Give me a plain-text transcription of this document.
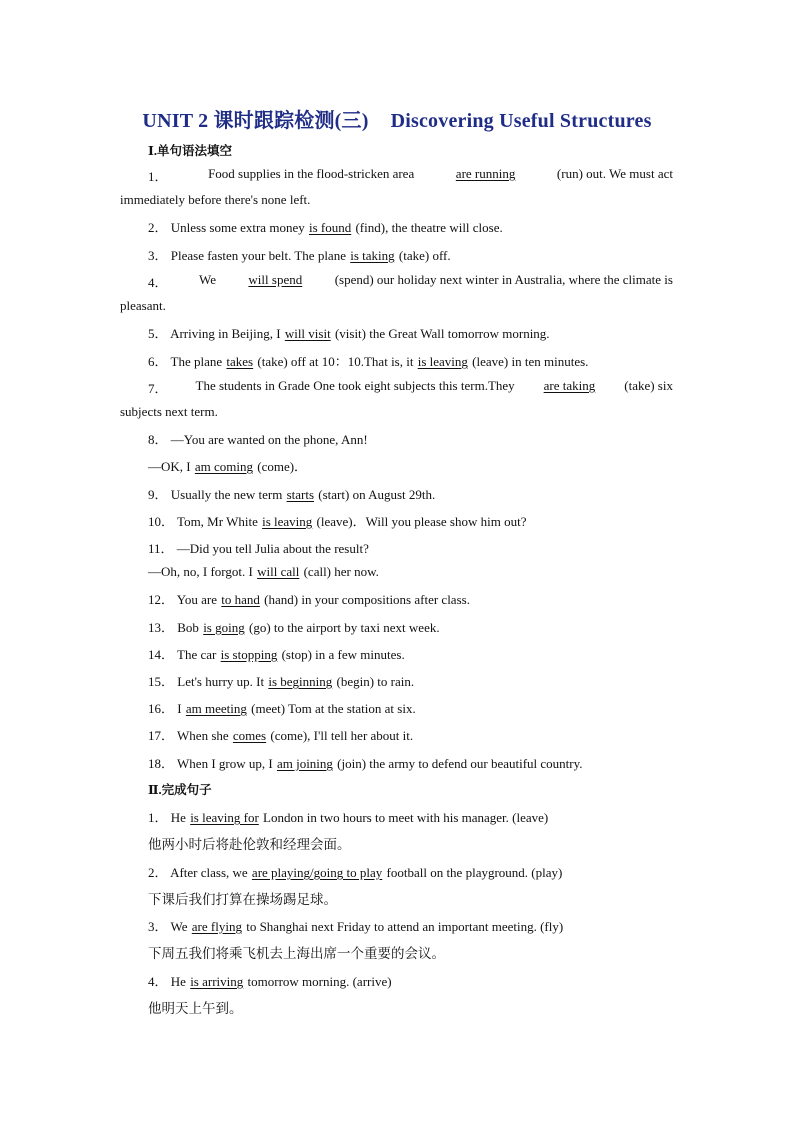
UNIT 2 课时跟踪检测(三) Discovering Useful Structures
Ⅰ.单句语法填空
1．	Food supplies in the flood-stricken area	are running	(run) out. We must act
immediately before there's none left.
2． Unless some extra money is found (find), the theatre will close.
3． Please fasten your belt. The plane is taking (take) off.
4． We will spend (spend) our holiday next winter in Australia, where the climate is
pleasant.
5． Arriving in Beijing, I will visit (visit) the Great Wall tomorrow morning.
6． The plane takes (take) off at 10：10.That is, it is leaving (leave) in ten minutes.
7． The students in Grade One took eight subjects this term.They are taking (take) six
subjects next term.
8． —You are wanted on the phone, Ann!
—OK, I am coming (come)．
9． Usually the new term starts (start) on August 29th.
10． Tom, Mr White is leaving (leave)．Will you please show him out?
11． —Did you tell Julia about the result?
—Oh, no, I forgot. I will call (call) her now.
12． You are to hand (hand) in your compositions after class.
13． Bob is going (go) to the airport by taxi next week.
14． The car is stopping (stop) in a few minutes.
15． Let's hurry up. It is beginning (begin) to rain.
16． I am meeting (meet) Tom at the station at six.
17． When she comes (come), I'll tell her about it.
18． When I grow up, I am joining (join) the army to defend our beautiful country.
Ⅱ.完成句子
1． He is leaving for London in two hours to meet with his manager. (leave)
他两小时后将赴伦敦和经理会面。
2． After class, we are playing/going to play football on the playground. (play)
下课后我们打算在操场踢足球。
3． We are flying to Shanghai next Friday to attend an important meeting. (fly)
下周五我们将乘飞机去上海出席一个重要的会议。
4． He is arriving tomorrow morning. (arrive)
他明天上午到。
